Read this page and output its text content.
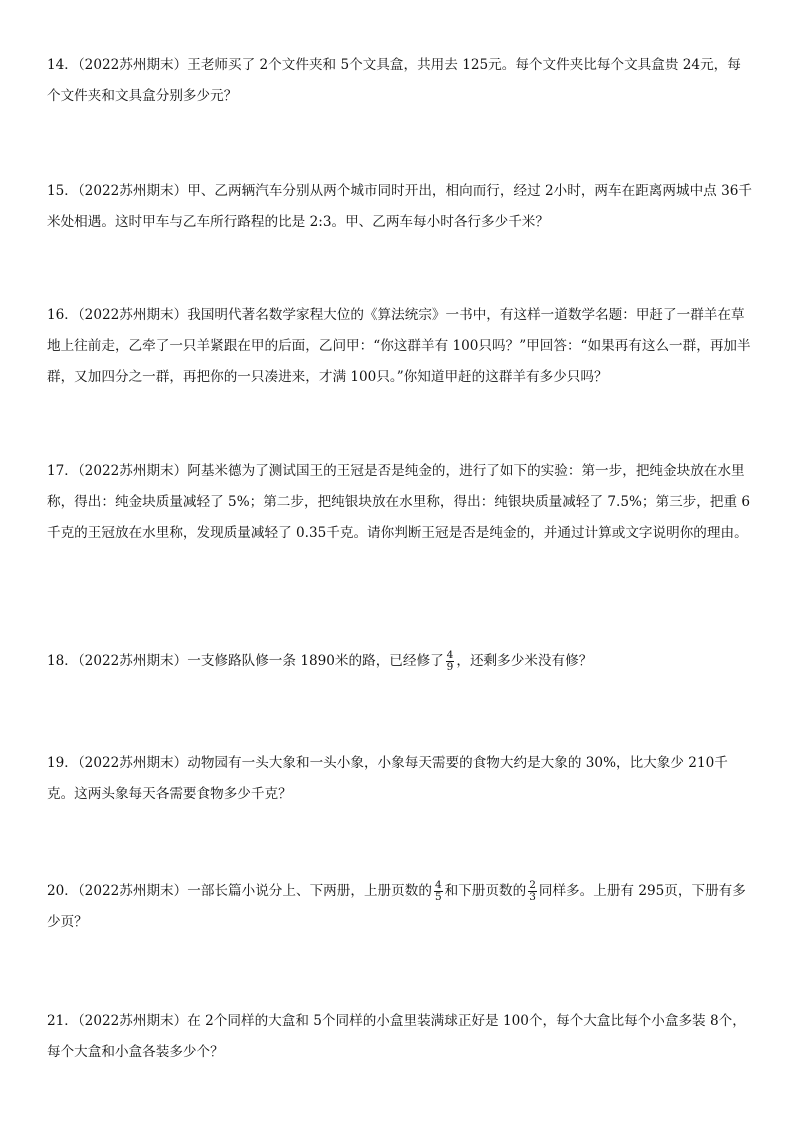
14．（2022苏州期末）王老师买了 2个文件夹和 5个文具盒，共用去 125元。每个文件夹比每个文具盒贵 24元，每个文件夹和文具盒分别多少元？
15．（2022苏州期末）甲、乙两辆汽车分别从两个城市同时开出，相向而行，经过 2小时，两车在距离两城中点 36千米处相遇。这时甲车与乙车所行路程的比是 2:3。甲、乙两车每小时各行多少千米？
16．（2022苏州期末）我国明代著名数学家程大位的《算法统宗》一书中，有这样一道数学名题：甲赶了一群羊在草地上往前走，乙牵了一只羊紧跟在甲的后面，乙问甲：“你这群羊有 100只吗？”甲回答：“如果再有这么一群，再加半群，又加四分之一群，再把你的一只凑进来，才满 100只。”你知道甲赶的这群羊有多少只吗？
17．（2022苏州期末）阿基米德为了测试国王的王冠是否是纯金的，进行了如下的实验：第一步，把纯金块放在水里称，得出：纯金块质量减轻了 5%；第二步，把纯银块放在水里称，得出：纯银块质量减轻了 7.5%；第三步，把重 6千克的王冠放在水里称，发现质量减轻了 0.35千克。请你判断王冠是否是纯金的，并通过计算或文字说明你的理由。
18．（2022苏州期末）一支修路队修一条 1890米的路，已经修了 $\frac{4}{9}$ ，还剩多少米没有修？
19．（2022苏州期末）动物园有一头大象和一头小象，小象每天需要的食物大约是大象的 30%，比大象少 210千克。这两头象每天各需要食物多少千克？
20．（2022苏州期末）一部长篇小说分上、下两册，上册页数的 $\frac{4}{5}$ 和下册页数的 $\frac{2}{3}$ 同样多。上册有 295页，下册有多少页？
21．（2022苏州期末）在 2个同样的大盒和 5个同样的小盒里装满球正好是 100个，每个大盒比每个小盒多装 8个，每个大盒和小盒各装多少个？
